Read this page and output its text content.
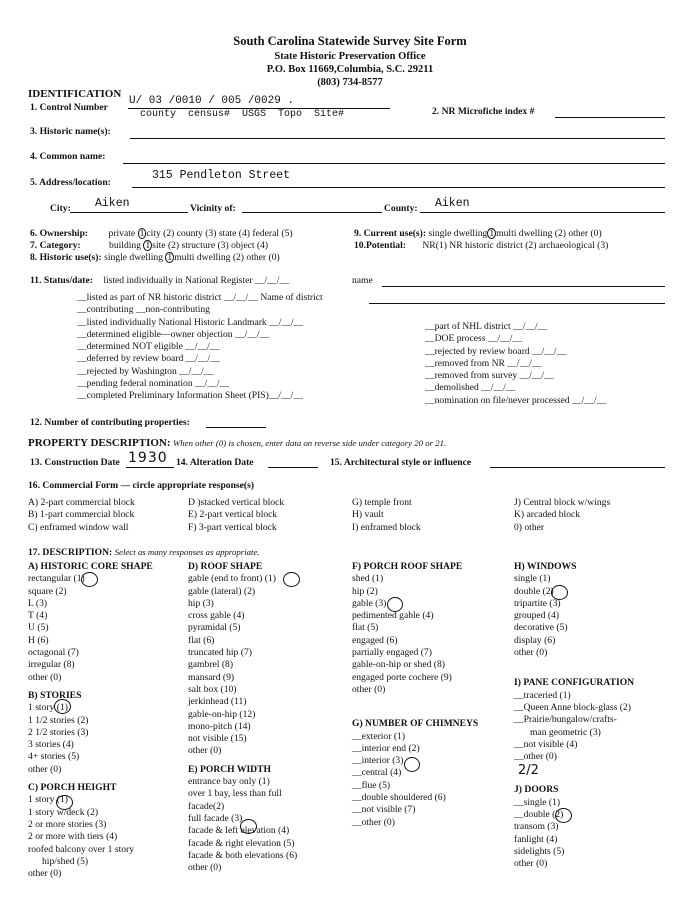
South Carolina Statewide Survey Site Form
State Historic Preservation Office
P.O. Box 11669,Columbia, S.C. 29211
(803) 734-8577
IDENTIFICATION
1. Control Number
U/ 03 /0010 / 005 /0029 .
county census# USGS Topo Site#	2. NR Microfiche index #
3. Historic name(s):
4. Common name:
5. Address/location:
315 Pendleton Street
City: Aiken	Vicinity of:	County: Aiken
6. Ownership: private 1 city (2) county (3) state (4) federal (5)
7. Category:	building 1 site (2) structure (3) object (4)
8. Historic use(s): single dwelling 1 multi dwelling (2) other (0)
9. Current use(s): single dwelling 1 multi dwelling (2) other (0)
10.Potential: NR(1) NR historic district (2) archaeological (3)
11. Status/date: listed individually in National Register __/__/__	name
__listed as part of NR historic district __/__/__ Name of district
__contributing __non-contributing
__listed individually National Historic Landmark __/__/__
__determined eligible—owner objection __/__/__
__determined NOT eligible __/__/__
__deferred by review board __/__/__
__rejected by Washington __/__/__
__pending federal nomination __/__/__
__completed Preliminary Information Sheet (PIS)__/__/__
__part of NHL district __/__/__
__DOE process __/__/__
__rejected by review board __/__/__
__removed from NR __/__/__
__removed from survey __/__/__
__demolished __/__/__
__nomination on file/never processed __/__/__
12. Number of contributing properties:
PROPERTY DESCRIPTION: When other (0) is chosen, enter data on reverse side under category 20 or 21.
13. Construction Date 1930 14. Alteration Date	15. Architectural style or influence
16. Commercial Form — circle appropriate response(s)
A) 2-part commercial block
B) 1-part commercial block
C) enframed window wall
D )stacked vertical block
E) 2-part vertical block
F) 3-part vertical block
G) temple front
H) vault
I) enframed block
J) Central block w/wings
K) arcaded block
0) other
17. DESCRIPTION: Select as many responses as appropriate.
A) HISTORIC CORE SHAPE
rectangular (1)
square (2)
L (3)
T (4)
U (5)
H (6)
octagonal (7)
irregular (8)
other (0)
B) STORIES
1 story (1)
1 1/2 stories (2)
2 1/2 stories (3)
3 stories (4)
4+ stories (5)
other (0)
C) PORCH HEIGHT
1 story (1)
1 story w/deck (2)
2 or more stories (3)
2 or more with tiers (4)
roofed balcony over 1 story
hip/shed (5)
other (0)
D) ROOF SHAPE
gable (end to front) (1)
gable (lateral) (2)
hip (3)
cross gable (4)
pyramidal (5)
flat (6)
truncated hip (7)
gambrel (8)
mansard (9)
salt box (10)
jerkinhead (11)
gable-on-hip (12)
mono-pitch (14)
not visible (15)
other (0)
E) PORCH WIDTH
entrance bay only (1)
over 1 bay, less than full
facade(2)
full facade (3)
facade & left elevation (4)
facade & right elevation (5)
facade & both elevations (6)
other (0)
F) PORCH ROOF SHAPE
shed (1)
hip (2)
gable (3)
pedimented gable (4)
flat (5)
engaged (6)
partially engaged (7)
gable-on-hip or shed (8)
engaged porte cochere (9)
other (0)
G) NUMBER OF CHIMNEYS
__exterior (1)
__interior end (2)
__interior (3)
__central (4)
__flue (5)
__double shouldered (6)
__not visible (7)
__other (0)
H) WINDOWS
single (1)
double (2)
tripartite (3)
grouped (4)
decorative (5)
display (6)
other (0)
I) PANE CONFIGURATION
__traceried (1)
__Queen Anne block-glass (2)
__Prairie/bungalow/crafts-
man geometric (3)
__not visible (4)
__other (0)
2/2
J) DOORS
__single (1)
__double (2)
transom (3)
fanlight (4)
sidelights (5)
other (0)
